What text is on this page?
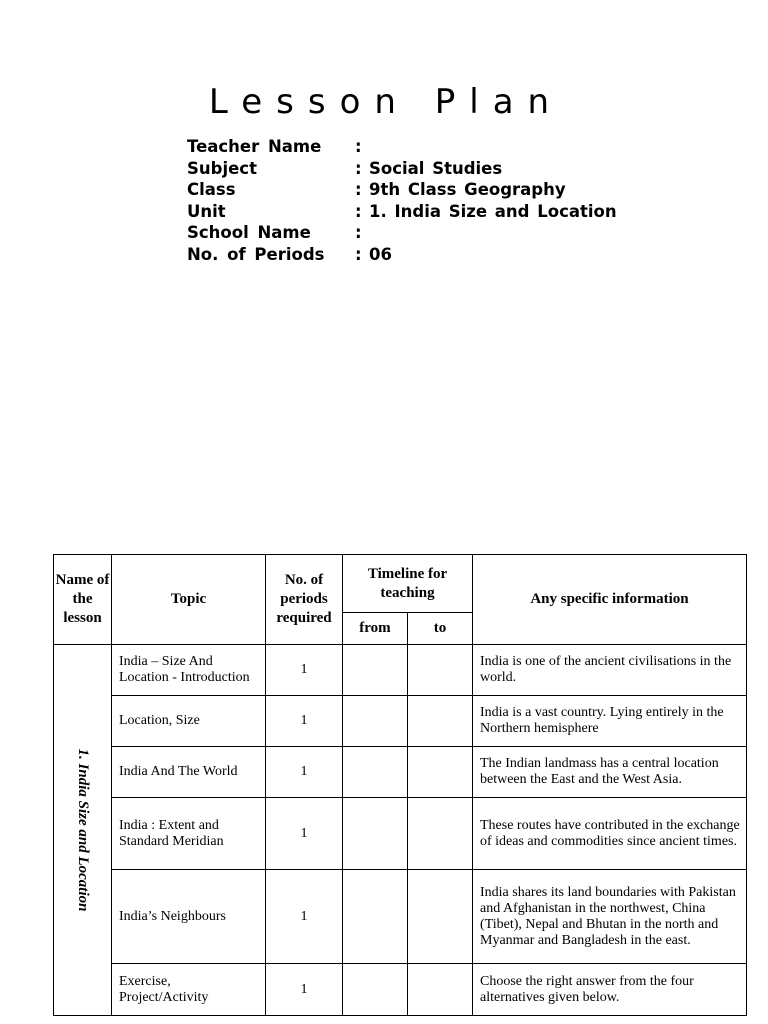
Lesson Plan
Teacher Name :
Subject	: Social Studies
Class	: 9th Class Geography
Unit	: 1. India Size and Location
School Name	:
No. of Periods : 06
Name of the lesson	Topic	No. of periods required	Timeline for teaching		Any specific information
			from	to	

1. India Size and Location	India – Size And Location - Introduction	1			India is one of the ancient civilisations in the world.
	Location, Size	1			India is a vast country. Lying entirely in the Northern hemisphere
	India And The World	1			The Indian landmass has a central location between the East and the West Asia.
	India : Extent and Standard Meridian	1			These routes have contributed in the exchange of ideas and commodities since ancient times.
	India’s Neighbours	1			India shares its land boundaries with Pakistan and Afghanistan in the northwest, China (Tibet), Nepal and Bhutan in the north and Myanmar and Bangladesh in the east.
	Exercise, Project/Activity	1			Choose the right answer from the four alternatives given below.
